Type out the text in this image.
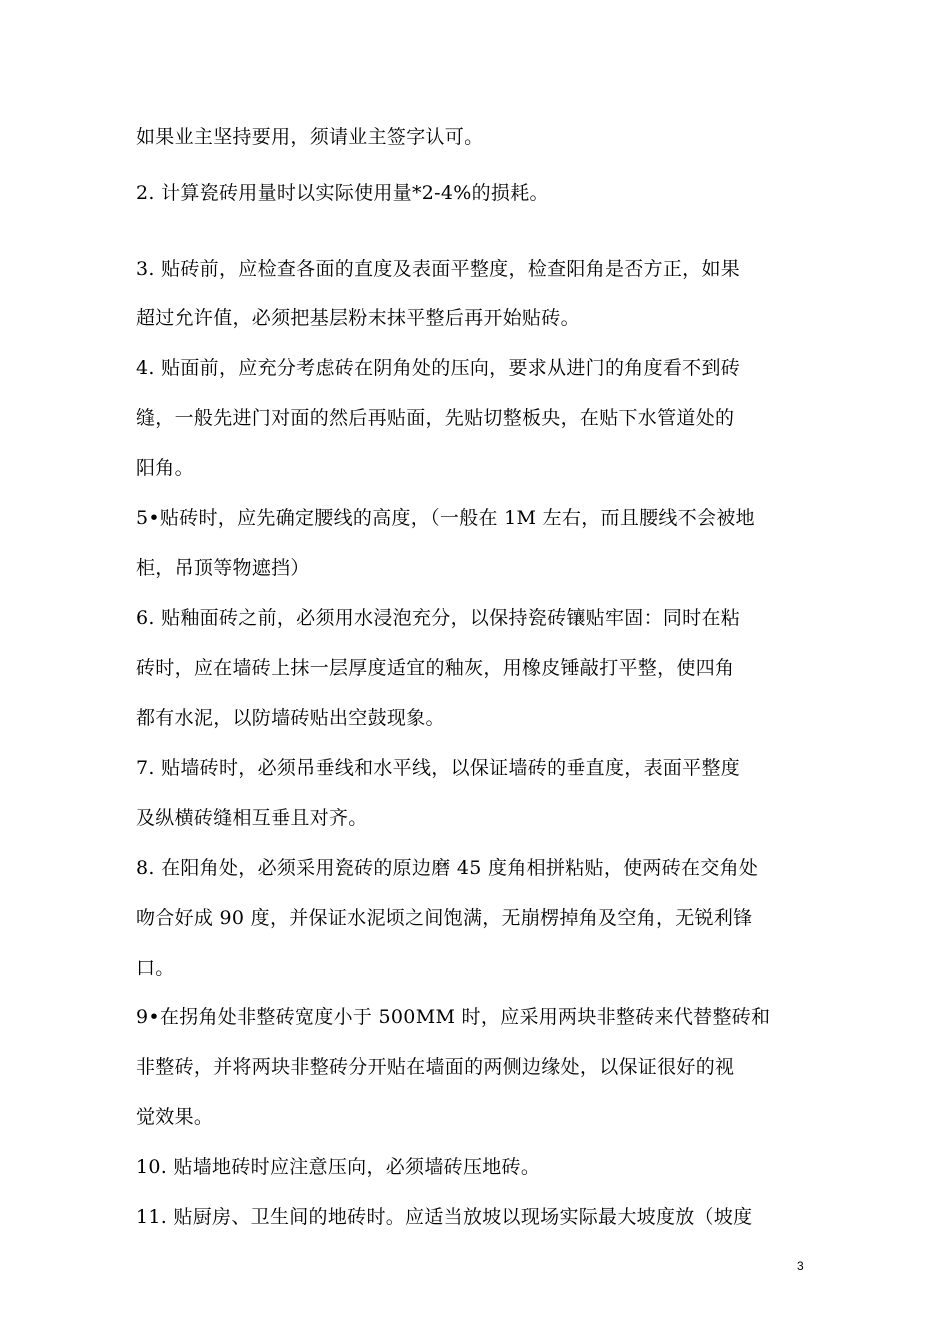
如果业主坚持要用，须请业主签字认可。
2. 计算瓷砖用量时以实际使用量*2-4%的损耗。
3. 贴砖前，应检查各面的直度及表面平整度，检查阳角是否方正，如果
超过允许值，必须把基层粉末抹平整后再开始贴砖。
4. 贴面前，应充分考虑砖在阴角处的压向，要求从进门的角度看不到砖
缝，一般先进门对面的然后再贴面，先贴切整板央，在贴下水管道处的
阳角。
5•贴砖时，应先确定腰线的高度，（一般在 1M 左右，而且腰线不会被地
柜，吊顶等物遮挡）
6. 贴釉面砖之前，必须用水浸泡充分，以保持瓷砖镶贴牢固：同时在粘
砖时，应在墙砖上抹一层厚度适宜的釉灰，用橡皮锤敲打平整，使四角
都有水泥，以防墙砖贴出空鼓现象。
7. 贴墙砖时，必须吊垂线和水平线，以保证墙砖的垂直度，表面平整度
及纵横砖缝相互垂且对齐。
8. 在阳角处，必须采用瓷砖的原边磨 45 度角相拼粘贴，使两砖在交角处
吻合好成 90 度，并保证水泥顷之间饱满，无崩楞掉角及空角，无锐利锋
口。
9•在拐角处非整砖宽度小于 500MM 时，应采用两块非整砖来代替整砖和
非整砖，并将两块非整砖分开贴在墙面的两侧边缘处，以保证很好的视
觉效果。
10. 贴墙地砖时应注意压向，必须墙砖压地砖。
11. 贴厨房、卫生间的地砖时。应适当放坡以现场实际最大坡度放（坡度
3
